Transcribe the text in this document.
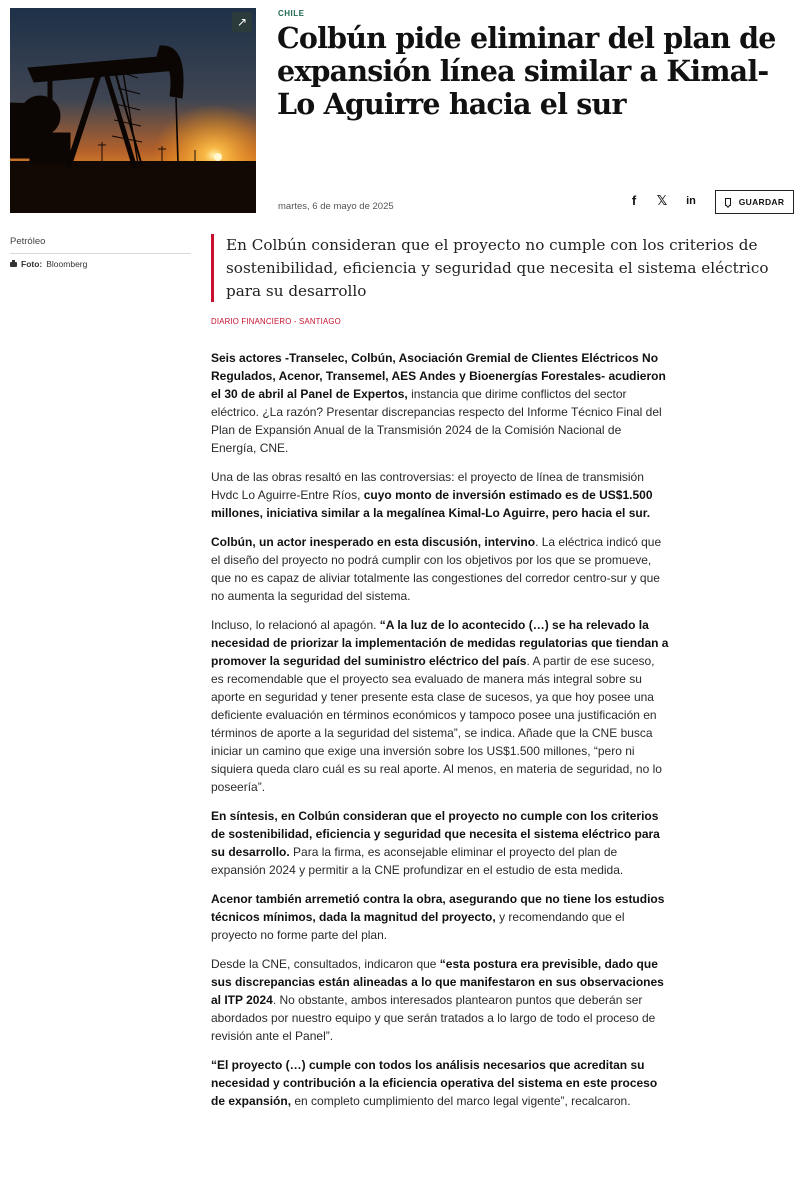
↗
CHILE
Colbún pide eliminar del plan de expansión línea similar a Kimal-Lo Aguirre hacia el sur
martes, 6 de mayo de 2025	f	𝕏	in	GUARDAR
Petróleo
Foto: Bloomberg

En Colbún consideran que el proyecto no cumple con los criterios de sostenibilidad, eficiencia y seguridad que necesita el sistema eléctrico para su desarrollo

DIARIO FINANCIERO - SANTIAGO

Seis actores -Transelec, Colbún, Asociación Gremial de Clientes Eléctricos No Regulados, Acenor, Transemel, AES Andes y Bioenergías Forestales- acudieron el 30 de abril al Panel de Expertos, instancia que dirime conflictos del sector eléctrico. ¿La razón? Presentar discrepancias respecto del Informe Técnico Final del Plan de Expansión Anual de la Transmisión 2024 de la Comisión Nacional de Energía, CNE.

Una de las obras resaltó en las controversias: el proyecto de línea de transmisión Hvdc Lo Aguirre-Entre Ríos, cuyo monto de inversión estimado es de US$1.500 millones, iniciativa similar a la megalínea Kimal-Lo Aguirre, pero hacia el sur.

Colbún, un actor inesperado en esta discusión, intervino. La eléctrica indicó que el diseño del proyecto no podrá cumplir con los objetivos por los que se promueve, que no es capaz de aliviar totalmente las congestiones del corredor centro-sur y que no aumenta la seguridad del sistema.

Incluso, lo relacionó al apagón. “A la luz de lo acontecido (…) se ha relevado la necesidad de priorizar la implementación de medidas regulatorias que tiendan a promover la seguridad del suministro eléctrico del país. A partir de ese suceso, es recomendable que el proyecto sea evaluado de manera más integral sobre su aporte en seguridad y tener presente esta clase de sucesos, ya que hoy posee una deficiente evaluación en términos económicos y tampoco posee una justificación en términos de aporte a la seguridad del sistema”, se indica. Añade que la CNE busca iniciar un camino que exige una inversión sobre los US$1.500 millones, “pero ni siquiera queda claro cuál es su real aporte. Al menos, en materia de seguridad, no lo poseería”.

En síntesis, en Colbún consideran que el proyecto no cumple con los criterios de sostenibilidad, eficiencia y seguridad que necesita el sistema eléctrico para su desarrollo. Para la firma, es aconsejable eliminar el proyecto del plan de expansión 2024 y permitir a la CNE profundizar en el estudio de esta medida.

Acenor también arremetió contra la obra, asegurando que no tiene los estudios técnicos mínimos, dada la magnitud del proyecto, y recomendando que el proyecto no forme parte del plan.

Desde la CNE, consultados, indicaron que “esta postura era previsible, dado que sus discrepancias están alineadas a lo que manifestaron en sus observaciones al ITP 2024. No obstante, ambos interesados plantearon puntos que deberán ser abordados por nuestro equipo y que serán tratados a lo largo de todo el proceso de revisión ante el Panel”.

“El proyecto (…) cumple con todos los análisis necesarios que acreditan su necesidad y contribución a la eficiencia operativa del sistema en este proceso de expansión, en completo cumplimiento del marco legal vigente”, recalcaron.
